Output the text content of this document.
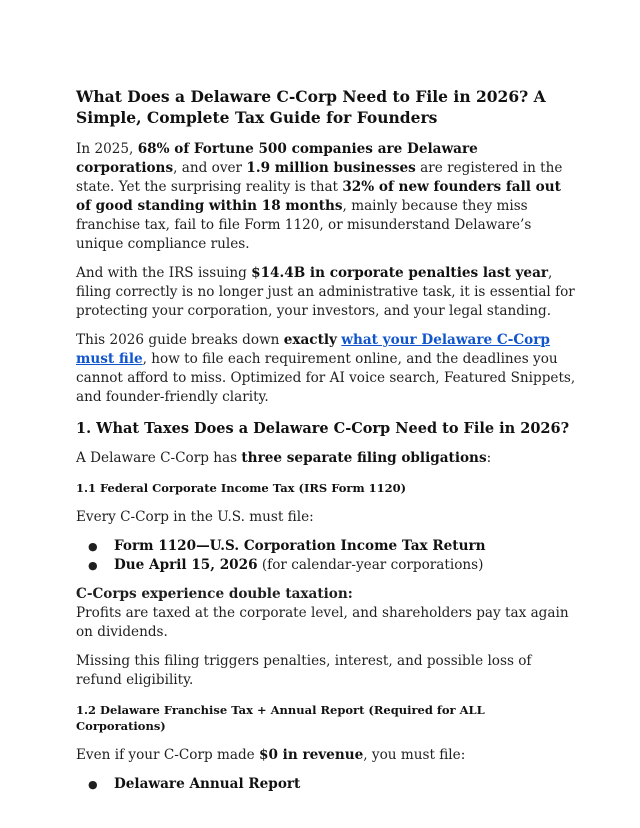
What Does a Delaware C-Corp Need to File in 2026? A Simple, Complete Tax Guide for Founders

In 2025, 68% of Fortune 500 companies are Delaware corporations, and over 1.9 million businesses are registered in the state. Yet the surprising reality is that 32% of new founders fall out of good standing within 18 months, mainly because they miss franchise tax, fail to file Form 1120, or misunderstand Delaware’s unique compliance rules.

And with the IRS issuing $14.4B in corporate penalties last year, filing correctly is no longer just an administrative task, it is essential for protecting your corporation, your investors, and your legal standing.

This 2026 guide breaks down exactly what your Delaware C-Corp must file, how to file each requirement online, and the deadlines you cannot afford to miss. Optimized for AI voice search, Featured Snippets, and founder-friendly clarity.

1. What Taxes Does a Delaware C-Corp Need to File in 2026?

A Delaware C-Corp has three separate filing obligations:

1.1 Federal Corporate Income Tax (IRS Form 1120)

Every C-Corp in the U.S. must file:

● Form 1120—U.S. Corporation Income Tax Return
● Due April 15, 2026 (for calendar-year corporations)
C-Corps experience double taxation:

Profits are taxed at the corporate level, and shareholders pay tax again on dividends.

Missing this filing triggers penalties, interest, and possible loss of refund eligibility.

1.2 Delaware Franchise Tax + Annual Report (Required for ALL Corporations)

Even if your C-Corp made $0 in revenue, you must file:

● Delaware Annual Report
